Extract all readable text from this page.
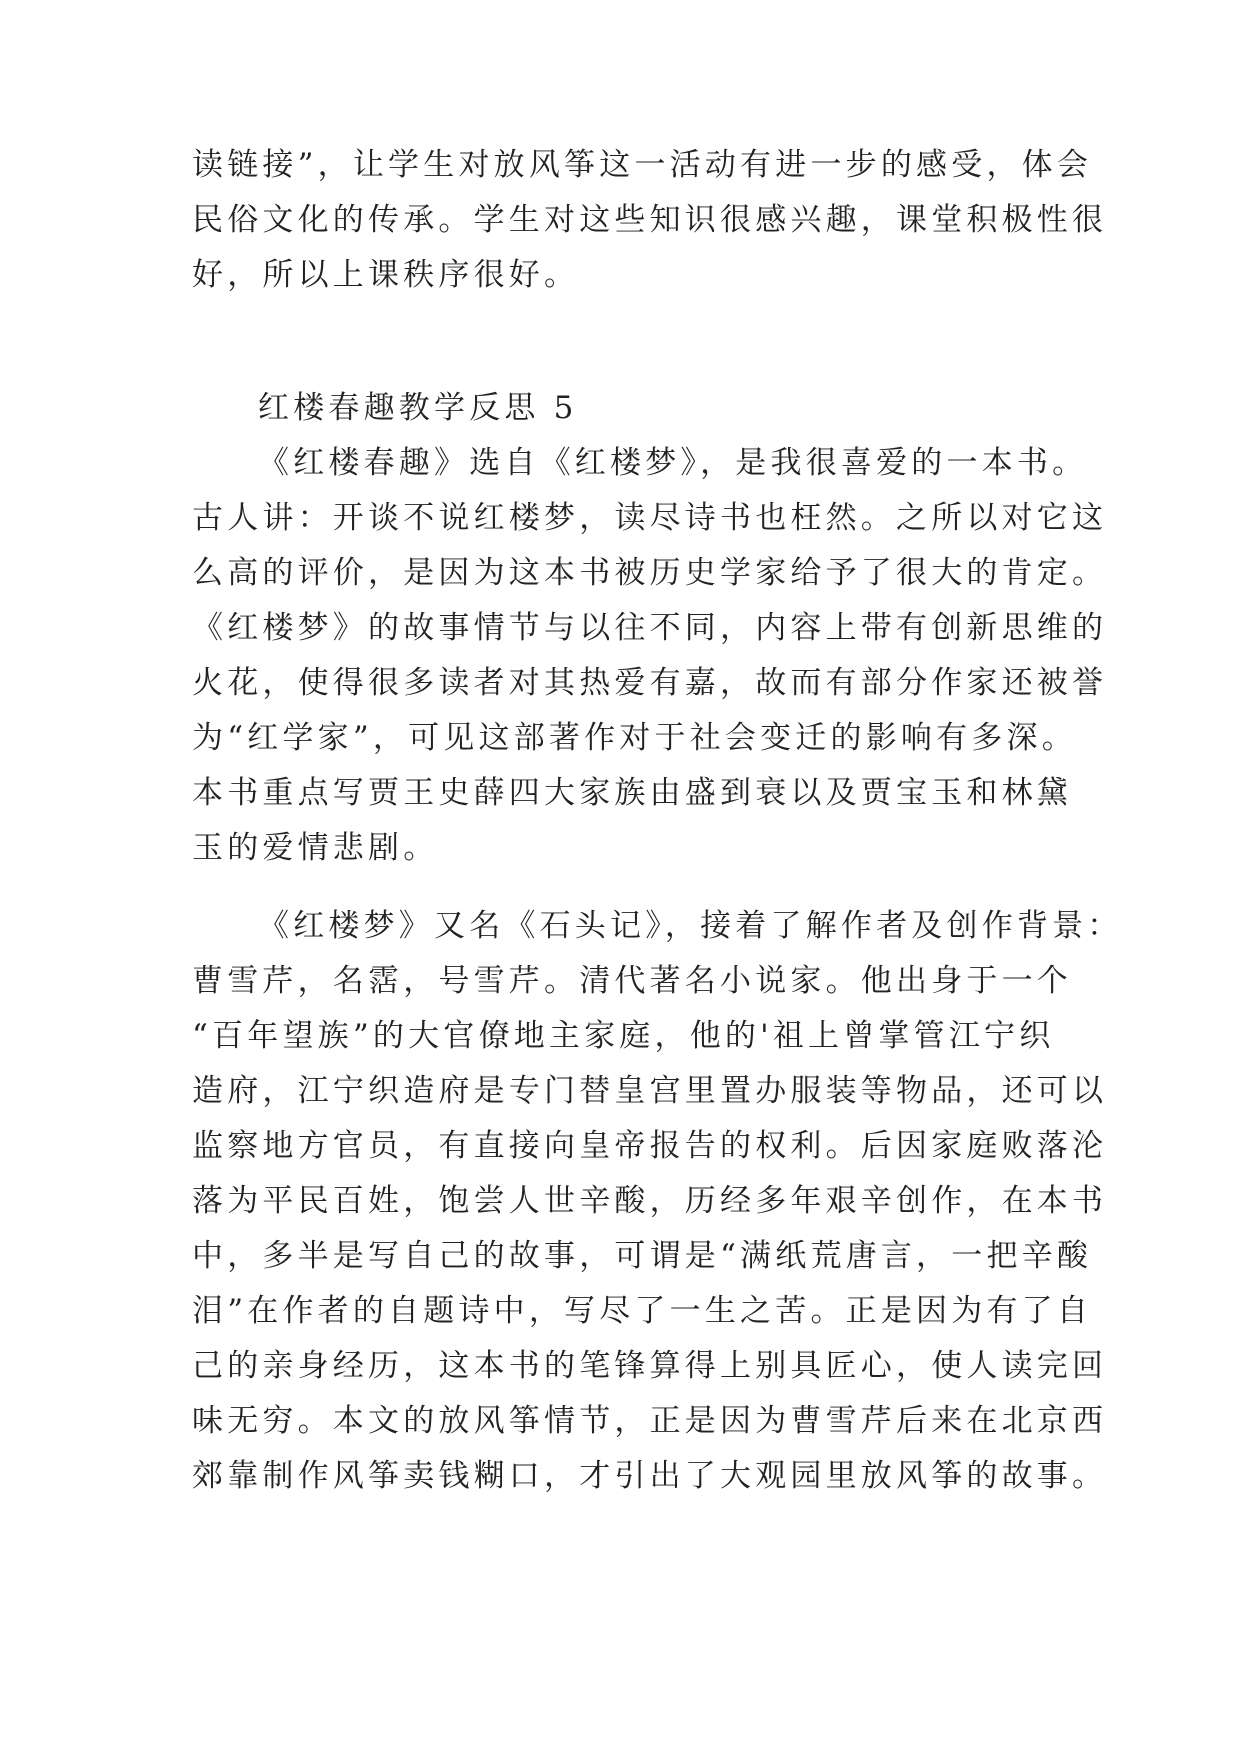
读链接”，让学生对放风筝这一活动有进一步的感受，体会
民俗文化的传承。学生对这些知识很感兴趣，课堂积极性很
好，所以上课秩序很好。
红楼春趣教学反思 5
《红楼春趣》选自《红楼梦》，是我很喜爱的一本书。
古人讲：开谈不说红楼梦，读尽诗书也枉然。之所以对它这
么高的评价，是因为这本书被历史学家给予了很大的肯定。
《红楼梦》的故事情节与以往不同，内容上带有创新思维的
火花，使得很多读者对其热爱有嘉，故而有部分作家还被誉
为“红学家”，可见这部著作对于社会变迁的影响有多深。
本书重点写贾王史薛四大家族由盛到衰以及贾宝玉和林黛
玉的爱情悲剧。
《红楼梦》又名《石头记》，接着了解作者及创作背景：
曹雪芹，名霑，号雪芹。清代著名小说家。他出身于一个
“百年望族”的大官僚地主家庭，他的'祖上曾掌管江宁织
造府，江宁织造府是专门替皇宫里置办服装等物品，还可以
监察地方官员，有直接向皇帝报告的权利。后因家庭败落沦
落为平民百姓，饱尝人世辛酸，历经多年艰辛创作，在本书
中，多半是写自己的故事，可谓是“满纸荒唐言，一把辛酸
泪”在作者的自题诗中，写尽了一生之苦。正是因为有了自
己的亲身经历，这本书的笔锋算得上别具匠心，使人读完回
味无穷。本文的放风筝情节，正是因为曹雪芹后来在北京西
郊靠制作风筝卖钱糊口，才引出了大观园里放风筝的故事。
